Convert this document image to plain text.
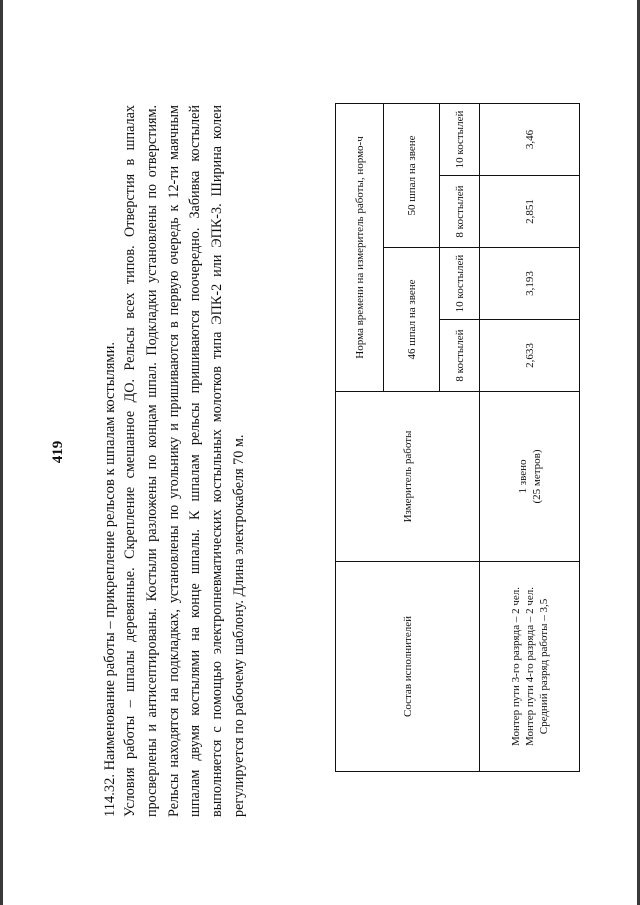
419 114.32. Наименование работы – прикрепление рельсов к шпалам костылями. Условия работы – шпалы деревянные. Скрепление смешанное ДО. Рельсы всех типов. Отверстия в шпалах просверлены и антисептированы. Костыли разложены по концам шпал. Подкладки установлены по отверстиям. Рельсы находятся на подкладках, установлены по угольнику и пришиваются в первую очередь к 12-ти маячным шпалам двумя костылями на конце шпалы. К шпалам рельсы пришиваются поочередно. Забивка костылей выполняется с помощью электропневматических костыльных молотков типа ЭПК-2 или ЭПК-3. Ширина колеи регулируется по рабочему шаблону. Длина электрокабеля 70 м.	Состав исполнителей	Измеритель работы	Норма времени на измеритель работы, нормо-ч			
		46 шпал на звене		50 шпал на звене	
		8 костылей	10 костылей	8 костылей	10 костылей

Монтер пути 3-го разряда – 2 чел. Монтер пути 4-го разряда – 2 чел. Средний разряд работы – 3,5	1 звено (25 метров)	2,633	3,193	2,851	3,46
